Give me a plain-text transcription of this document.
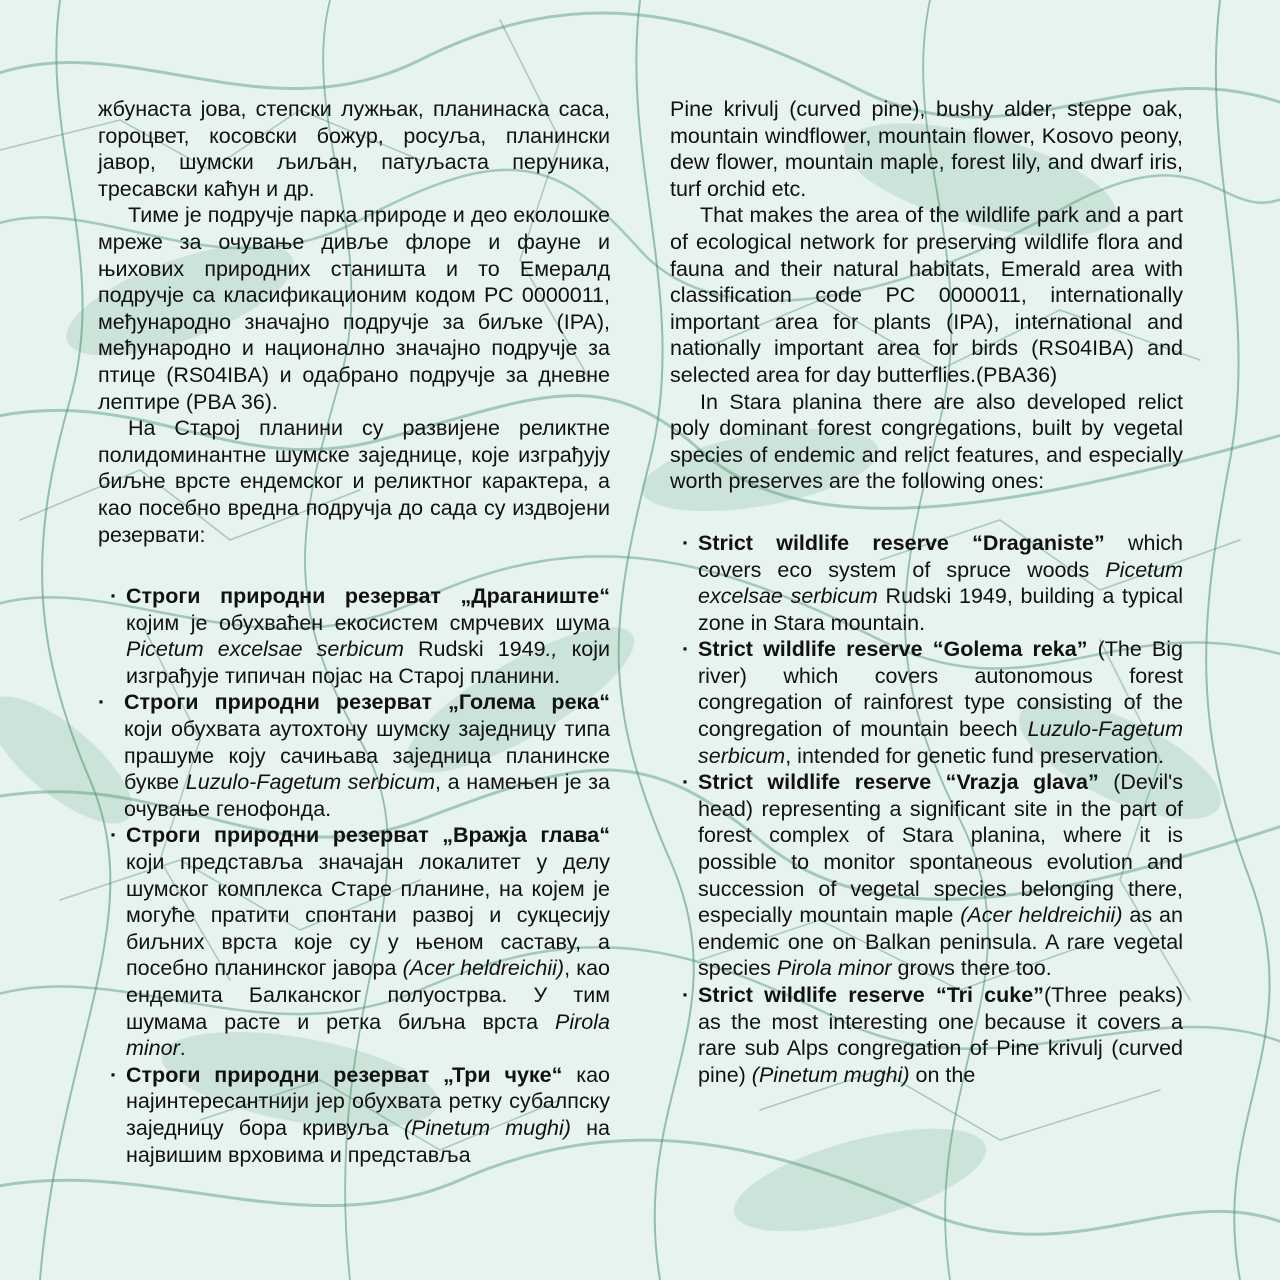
жбунаста јова, степски лужњак, планинаска саса, гороцвет, косовски божур, росуља, планински јавор, шумски љиљан, патуљаста перуника, тресавски каћун и др.

Тиме је подручје парка природе и део еколошке мреже за очување дивље флоре и фауне и њихових природних станишта и то Емералд подручје са класификационим кодом РС 0000011, међународно значајно подручје за биљке (IPA), међународно и национално значајно подручје за птице (RS04IBA) и одабрано подручје за дневне лептире (PBA 36).

На Староj планини су развијене реликтне полидоминантне шумске заједнице, које изграђују биљне врсте ендемског и реликтног карактера, а као посебно вредна подручја до сада су издвојени резервати:

· Строги природни резерват „Драганиште“ којим је обухваћен екосистем смрчевих шума Picetum excelsae serbicum Rudski 1949., који изграђује типичан појас на Старој планини.
· Строги природни резерват „Голема река“ који обухвата аутохтону шумску заједницу типа прашуме коју сачињава заједница планинске букве Luzulo-Fagetum serbicum, а намењен је за очување генофонда.
· Строги природни резерват „Вражја глава“ који представља значајан локалитет у делу шумског комплекса Старе планине, на којем је могуће пратити спонтани развој и сукцесију биљних врста које су у њеном саставу, а посебно планинског јавора (Acer heldreichii), као ендемита Балканског полуострва. У тим шумама расте и ретка биљна врста Pirola minor.
· Строги природни резерват „Три чуке“ као најинтересантнији јер обухвата ретку субалпску заједницу бора кривуља (Pinetum mughi) на највишим врховима и представља

Pine krivulj (curved pine), bushy alder, steppe oak, mountain windflower, mountain flower, Kosovo peony, dew flower, mountain maple, forest lily, and dwarf iris, turf orchid etc.

That makes the area of the wildlife park and a part of ecological network for preserving wildlife flora and fauna and their natural habitats, Emerald area with classification code PC 0000011, internationally important area for plants (IPA), international and nationally important area for birds (RS04IBA) and selected area for day butterflies.(PBA36)

In Stara planina there are also developed relict poly dominant forest congregations, built by vegetal species of endemic and relict features, and especially worth preserves are the following ones:

· Strict wildlife reserve “Draganiste” which covers eco system of spruce woods Picetum excelsae serbicum Rudski 1949, building a typical zone in Stara mountain.
· Strict wildlife reserve “Golema reka” (The Big river) which covers autonomous forest congregation of rainforest type consisting of the congregation of mountain beech Luzulo-Fagetum serbicum, intended for genetic fund preservation.
· Strict wildlife reserve “Vrazja glava” (Devil's head) representing a significant site in the part of forest complex of Stara planina, where it is possible to monitor spontaneous evolution and succession of vegetal species belonging there, especially mountain maple (Acer heldreichii) as an endemic one on Balkan peninsula. A rare vegetal species Pirola minor grows there too.
· Strict wildlife reserve “Tri cuke”(Three peaks) as the most interesting one because it covers a rare sub Alps congregation of Pine krivulj (curved pine) (Pinetum mughi) on the
